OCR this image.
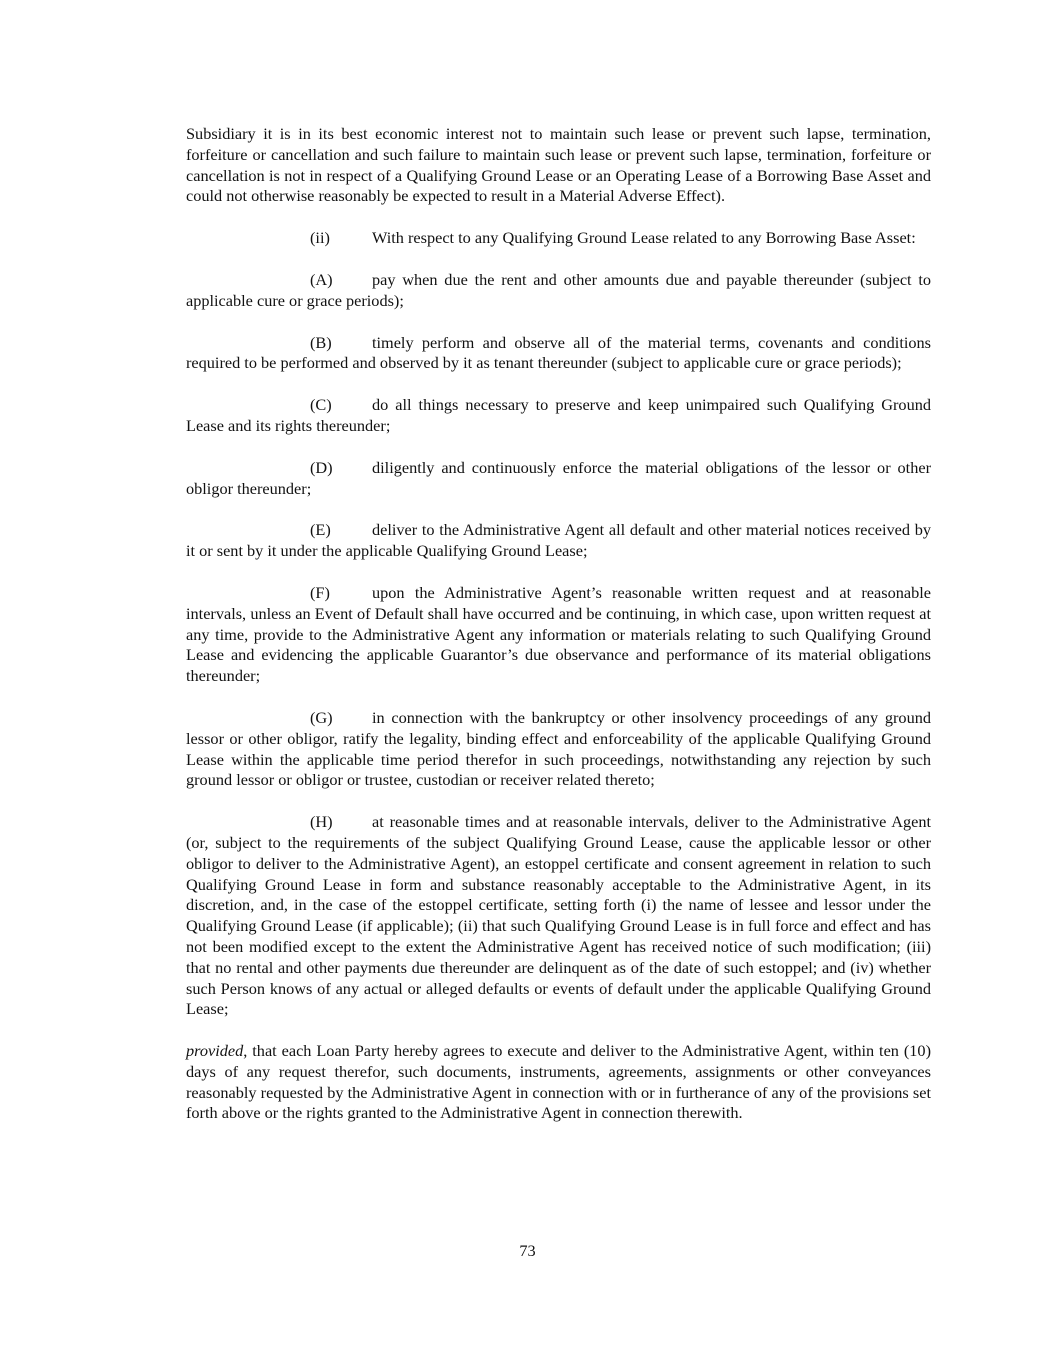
Subsidiary it is in its best economic interest not to maintain such lease or prevent such lapse, termination, forfeiture or cancellation and such failure to maintain such lease or prevent such lapse, termination, forfeiture or cancellation is not in respect of a Qualifying Ground Lease or an Operating Lease of a Borrowing Base Asset and could not otherwise reasonably be expected to result in a Material Adverse Effect).

(ii)	With respect to any Qualifying Ground Lease related to any Borrowing Base Asset:

(A) pay when due the rent and other amounts due and payable thereunder (subject to applicable cure or grace periods);

(B) timely perform and observe all of the material terms, covenants and conditions required to be performed and observed by it as tenant thereunder (subject to applicable cure or grace periods);

(C) do all things necessary to preserve and keep unimpaired such Qualifying Ground Lease and its rights thereunder;

(D) diligently and continuously enforce the material obligations of the lessor or other obligor thereunder;

(E)	deliver to the Administrative Agent all default and other material notices received by it or sent by it under the applicable Qualifying Ground Lease;

(F)	upon the Administrative Agent’s reasonable written request and at reasonable intervals, unless an Event of Default shall have occurred and be continuing, in which case, upon written request at any time, provide to the Administrative Agent any information or materials relating to such Qualifying Ground Lease and evidencing the applicable Guarantor’s due observance and performance of its material obligations thereunder;

(G) in connection with the bankruptcy or other insolvency proceedings of any ground lessor or other obligor, ratify the legality, binding effect and enforceability of the applicable Qualifying Ground Lease within the applicable time period therefor in such proceedings, notwithstanding any rejection by such ground lessor or obligor or trustee, custodian or receiver related thereto;

(H) at reasonable times and at reasonable intervals, deliver to the Administrative Agent (or, subject to the requirements of the subject Qualifying Ground Lease, cause the applicable lessor or other obligor to deliver to the Administrative Agent), an estoppel certificate and consent agreement in relation to such Qualifying Ground Lease in form and substance reasonably acceptable to the Administrative Agent, in its discretion, and, in the case of the estoppel certificate, setting forth (i) the name of lessee and lessor under the Qualifying Ground Lease (if applicable); (ii) that such Qualifying Ground Lease is in full force and effect and has not been modified except to the extent the Administrative Agent has received notice of such modification; (iii) that no rental and other payments due thereunder are delinquent as of the date of such estoppel; and (iv) whether such Person knows of any actual or alleged defaults or events of default under the applicable Qualifying Ground Lease;

provided, that each Loan Party hereby agrees to execute and deliver to the Administrative Agent, within ten (10) days of any request therefor, such documents, instruments, agreements, assignments or other conveyances reasonably requested by the Administrative Agent in connection with or in furtherance of any of the provisions set forth above or the rights granted to the Administrative Agent in connection therewith.

73
